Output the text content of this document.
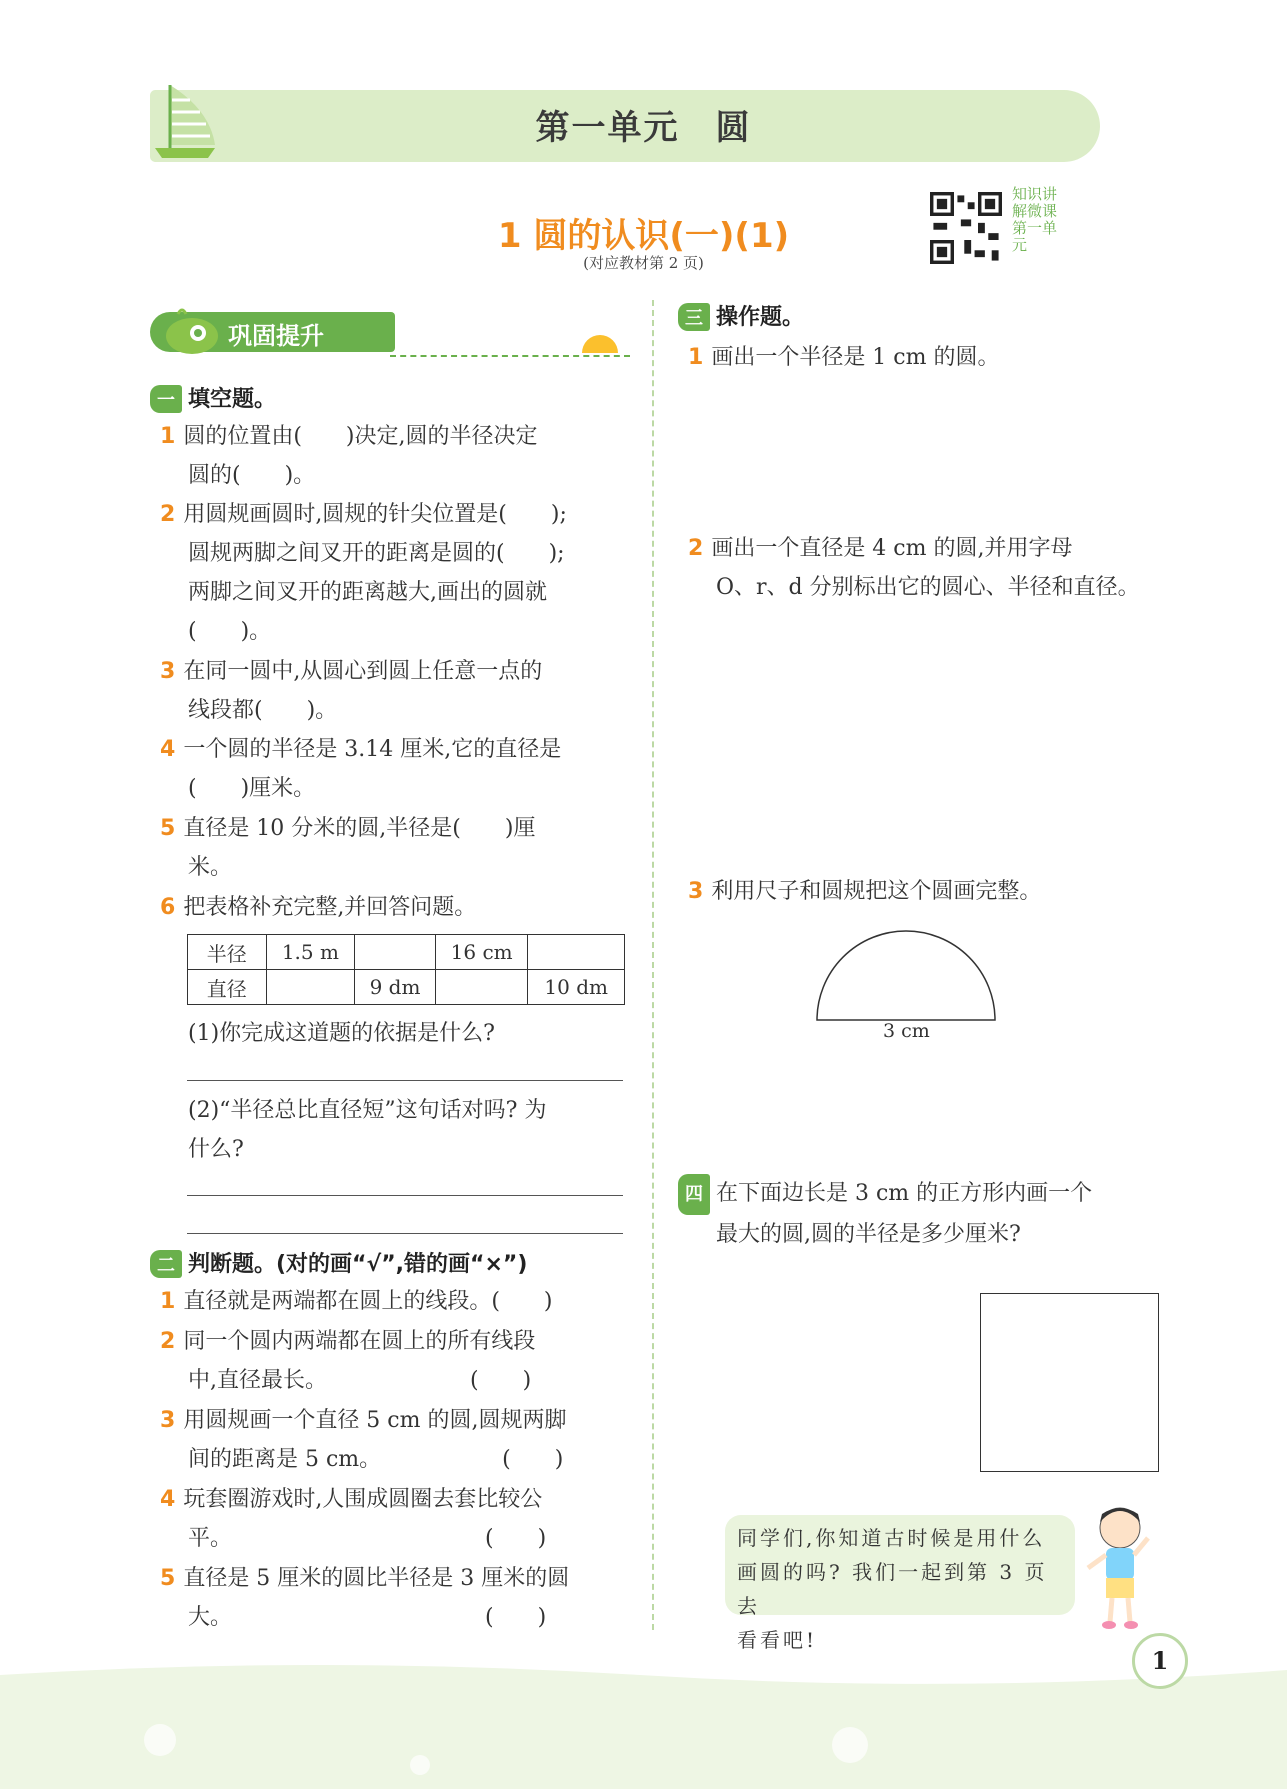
第一单元　圆
1 圆的认识(一)(1)
(对应教材第 2 页)
知识讲解微课 第一单元
巩固提升
一 填空题。
1 圆的位置由(　　)决定,圆的半径决定
圆的(　　)。
2 用圆规画圆时,圆规的针尖位置是(　　);
圆规两脚之间叉开的距离是圆的(　　);
两脚之间叉开的距离越大,画出的圆就
(　　)。
3 在同一圆中,从圆心到圆上任意一点的
线段都(　　)。
4 一个圆的半径是 3.14 厘米,它的直径是
(　　)厘米。
5 直径是 10 分米的圆,半径是(　　)厘
米。
6 把表格补充完整,并回答问题。
半径	1.5 m		16 cm	
直径		9 dm		10 dm
(1)你完成这道题的依据是什么?
(2)“半径总比直径短”这句话对吗? 为
什么?
二 判断题。(对的画“√”,错的画“×”)
1 直径就是两端都在圆上的线段。(　　)
2 同一个圆内两端都在圆上的所有线段
中,直径最长。　　　　　　　(　　)
3 用圆规画一个直径 5 cm 的圆,圆规两脚
间的距离是 5 cm。　　　　　　(　　)
4 玩套圈游戏时,人围成圆圈去套比较公
平。　　　　　　　　　　　　(　　)
5 直径是 5 厘米的圆比半径是 3 厘米的圆
大。　　　　　　　　　　　　(　　)
三 操作题。
1 画出一个半径是 1 cm 的圆。
2 画出一个直径是 4 cm 的圆,并用字母
O、r、d 分别标出它的圆心、半径和直径。
3 利用尺子和圆规把这个圆画完整。
3 cm
四 在下面边长是 3 cm 的正方形内画一个
最大的圆,圆的半径是多少厘米?
同学们,你知道古时候是用什么
画圆的吗? 我们一起到第 3 页去
看看吧!
1
